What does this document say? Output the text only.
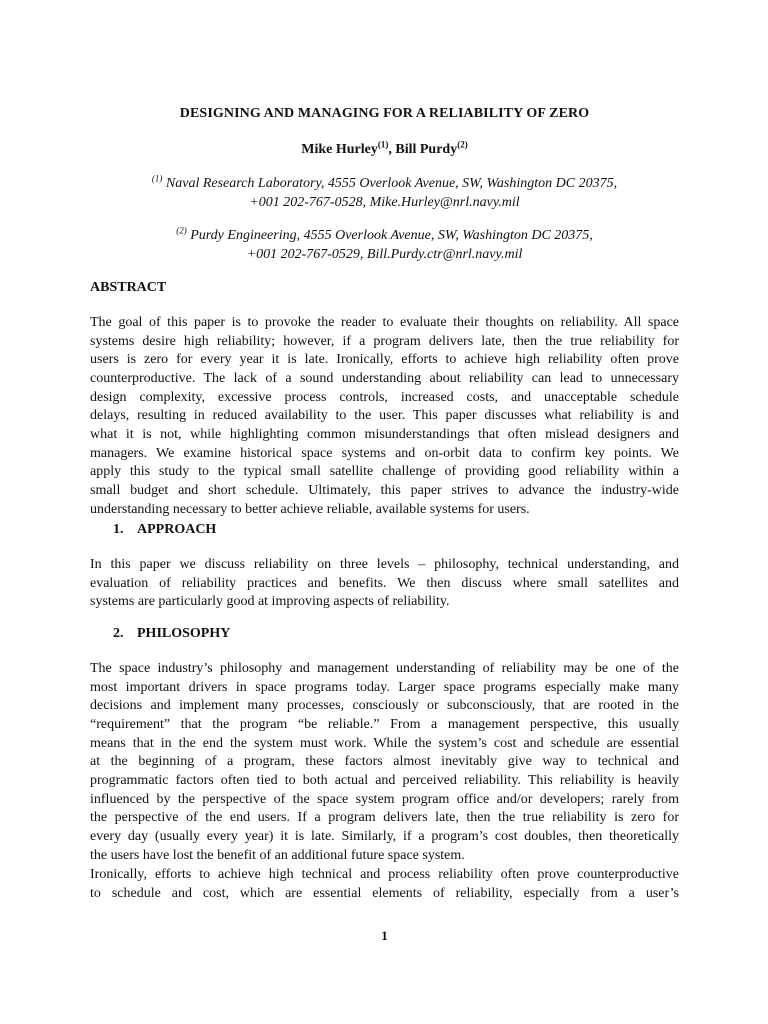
DESIGNING AND MANAGING FOR A RELIABILITY OF ZERO
Mike Hurley$^{(1)}$, Bill Purdy$^{(2)}$
$^{(1)}$ Naval Research Laboratory, 4555 Overlook Avenue, SW, Washington DC 20375,
+001 202-767-0528, Mike.Hurley@nrl.navy.mil
$^{(2)}$ Purdy Engineering, 4555 Overlook Avenue, SW, Washington DC 20375,
+001 202-767-0529, Bill.Purdy.ctr@nrl.navy.mil
ABSTRACT
The goal of this paper is to provoke the reader to evaluate their thoughts on reliability. All space
systems desire high reliability; however, if a program delivers late, then the true reliability for
users is zero for every year it is late. Ironically, efforts to achieve high reliability often prove
counterproductive. The lack of a sound understanding about reliability can lead to unnecessary
design complexity, excessive process controls, increased costs, and unacceptable schedule
delays, resulting in reduced availability to the user. This paper discusses what reliability is and
what it is not, while highlighting common misunderstandings that often mislead designers and
managers. We examine historical space systems and on-orbit data to confirm key points. We
apply this study to the typical small satellite challenge of providing good reliability within a
small budget and short schedule. Ultimately, this paper strives to advance the industry-wide
understanding necessary to better achieve reliable, available systems for users.
1. APPROACH
In this paper we discuss reliability on three levels – philosophy, technical understanding, and
evaluation of reliability practices and benefits. We then discuss where small satellites and
systems are particularly good at improving aspects of reliability.
2. PHILOSOPHY
The space industry’s philosophy and management understanding of reliability may be one of the
most important drivers in space programs today. Larger space programs especially make many
decisions and implement many processes, consciously or subconsciously, that are rooted in the
“requirement” that the program “be reliable.” From a management perspective, this usually
means that in the end the system must work. While the system’s cost and schedule are essential
at the beginning of a program, these factors almost inevitably give way to technical and
programmatic factors often tied to both actual and perceived reliability. This reliability is heavily
influenced by the perspective of the space system program office and/or developers; rarely from
the perspective of the end users. If a program delivers late, then the true reliability is zero for
every day (usually every year) it is late. Similarly, if a program’s cost doubles, then theoretically
the users have lost the benefit of an additional future space system.
Ironically, efforts to achieve high technical and process reliability often prove counterproductive
to schedule and cost, which are essential elements of reliability, especially from a user’s
1
